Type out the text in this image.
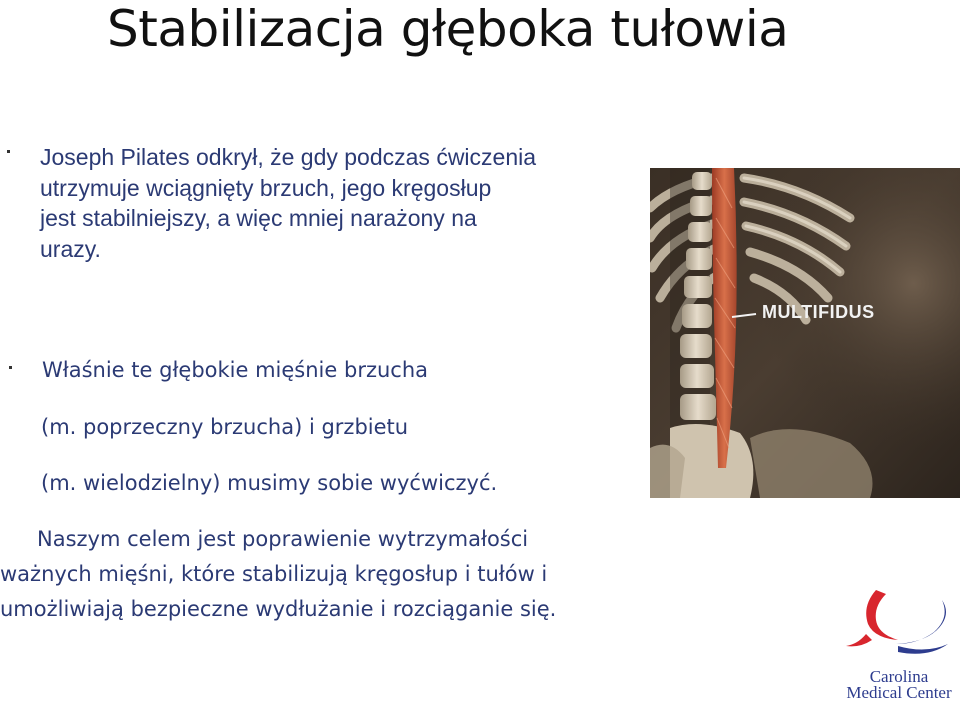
Stabilizacja głęboka tułowia
Joseph Pilates odkrył, że gdy podczas ćwiczenia
utrzymuje wciągnięty brzuch, jego kręgosłup
jest stabilniejszy, a więc mniej narażony na
urazy.
Właśnie te głębokie mięśnie brzucha
(m. poprzeczny brzucha) i grzbietu
(m. wielodzielny) musimy sobie wyćwiczyć.
Naszym celem jest poprawienie wytrzymałości ważnych mięśni, które stabilizują kręgosłup i tułów i umożliwiają bezpieczne wydłużanie i rozciąganie się.
MULTIFIDUS
Carolina
Medical Center
